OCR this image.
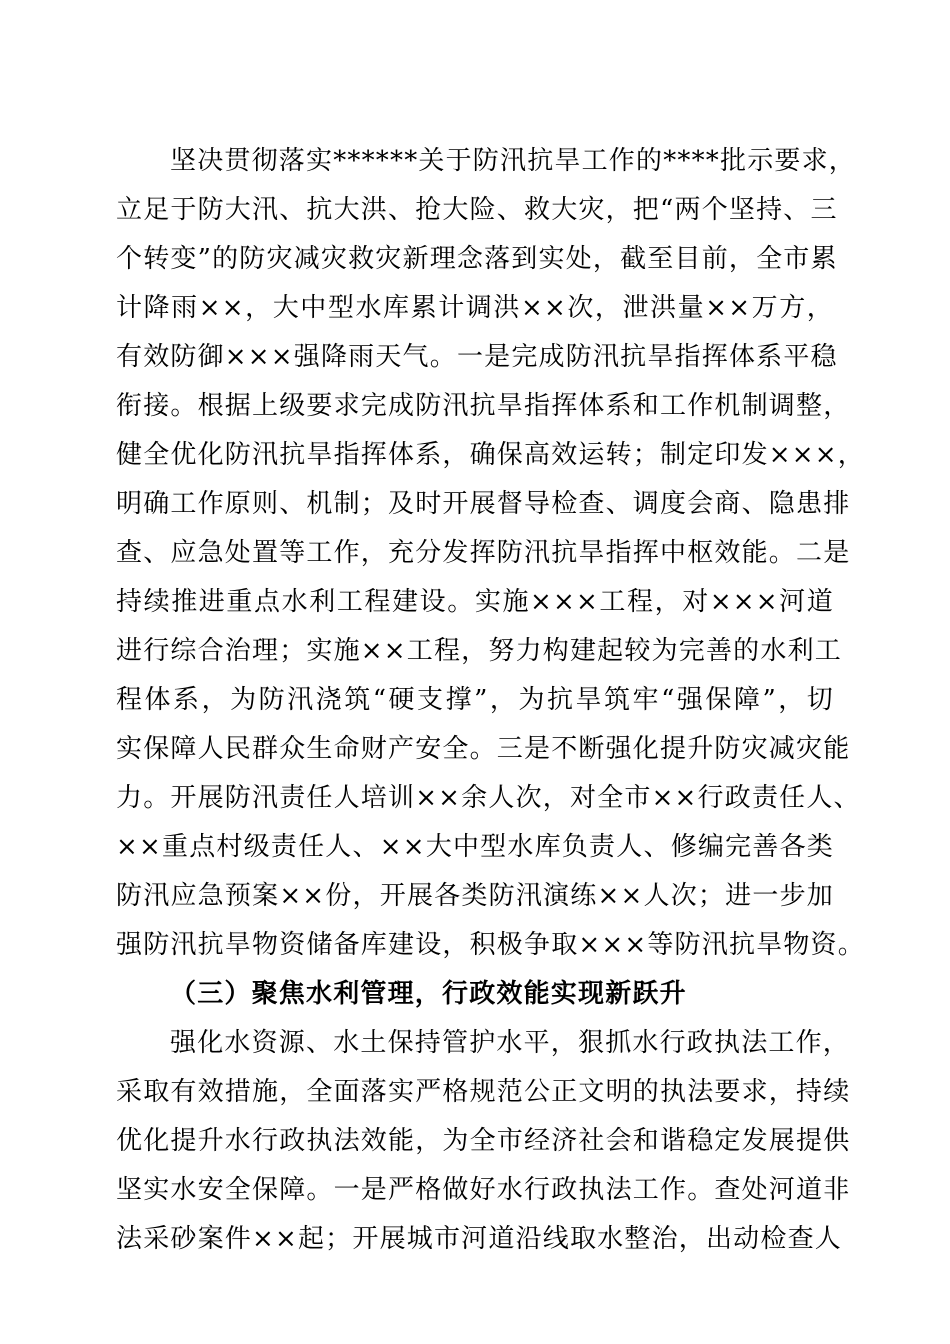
坚决贯彻落实******关于防汛抗旱工作的****批示要求，
立足于防大汛、抗大洪、抢大险、救大灾，把“两个坚持、三
个转变”的防灾减灾救灾新理念落到实处，截至目前，全市累
计降雨××，大中型水库累计调洪××次，泄洪量××万方，
有效防御×××强降雨天气。一是完成防汛抗旱指挥体系平稳
衔接。根据上级要求完成防汛抗旱指挥体系和工作机制调整，
健全优化防汛抗旱指挥体系，确保高效运转；制定印发×××，
明确工作原则、机制；及时开展督导检查、调度会商、隐患排
查、应急处置等工作，充分发挥防汛抗旱指挥中枢效能。二是
持续推进重点水利工程建设。实施×××工程，对×××河道
进行综合治理；实施××工程，努力构建起较为完善的水利工
程体系，为防汛浇筑“硬支撑”，为抗旱筑牢“强保障”，切
实保障人民群众生命财产安全。三是不断强化提升防灾减灾能
力。开展防汛责任人培训××余人次，对全市××行政责任人、
××重点村级责任人、××大中型水库负责人、修编完善各类
防汛应急预案××份，开展各类防汛演练××人次；进一步加
强防汛抗旱物资储备库建设，积极争取×××等防汛抗旱物资。
（三）聚焦水利管理，行政效能实现新跃升
强化水资源、水土保持管护水平，狠抓水行政执法工作，
采取有效措施，全面落实严格规范公正文明的执法要求，持续
优化提升水行政执法效能，为全市经济社会和谐稳定发展提供
坚实水安全保障。一是严格做好水行政执法工作。查处河道非
法采砂案件××起；开展城市河道沿线取水整治，出动检查人
